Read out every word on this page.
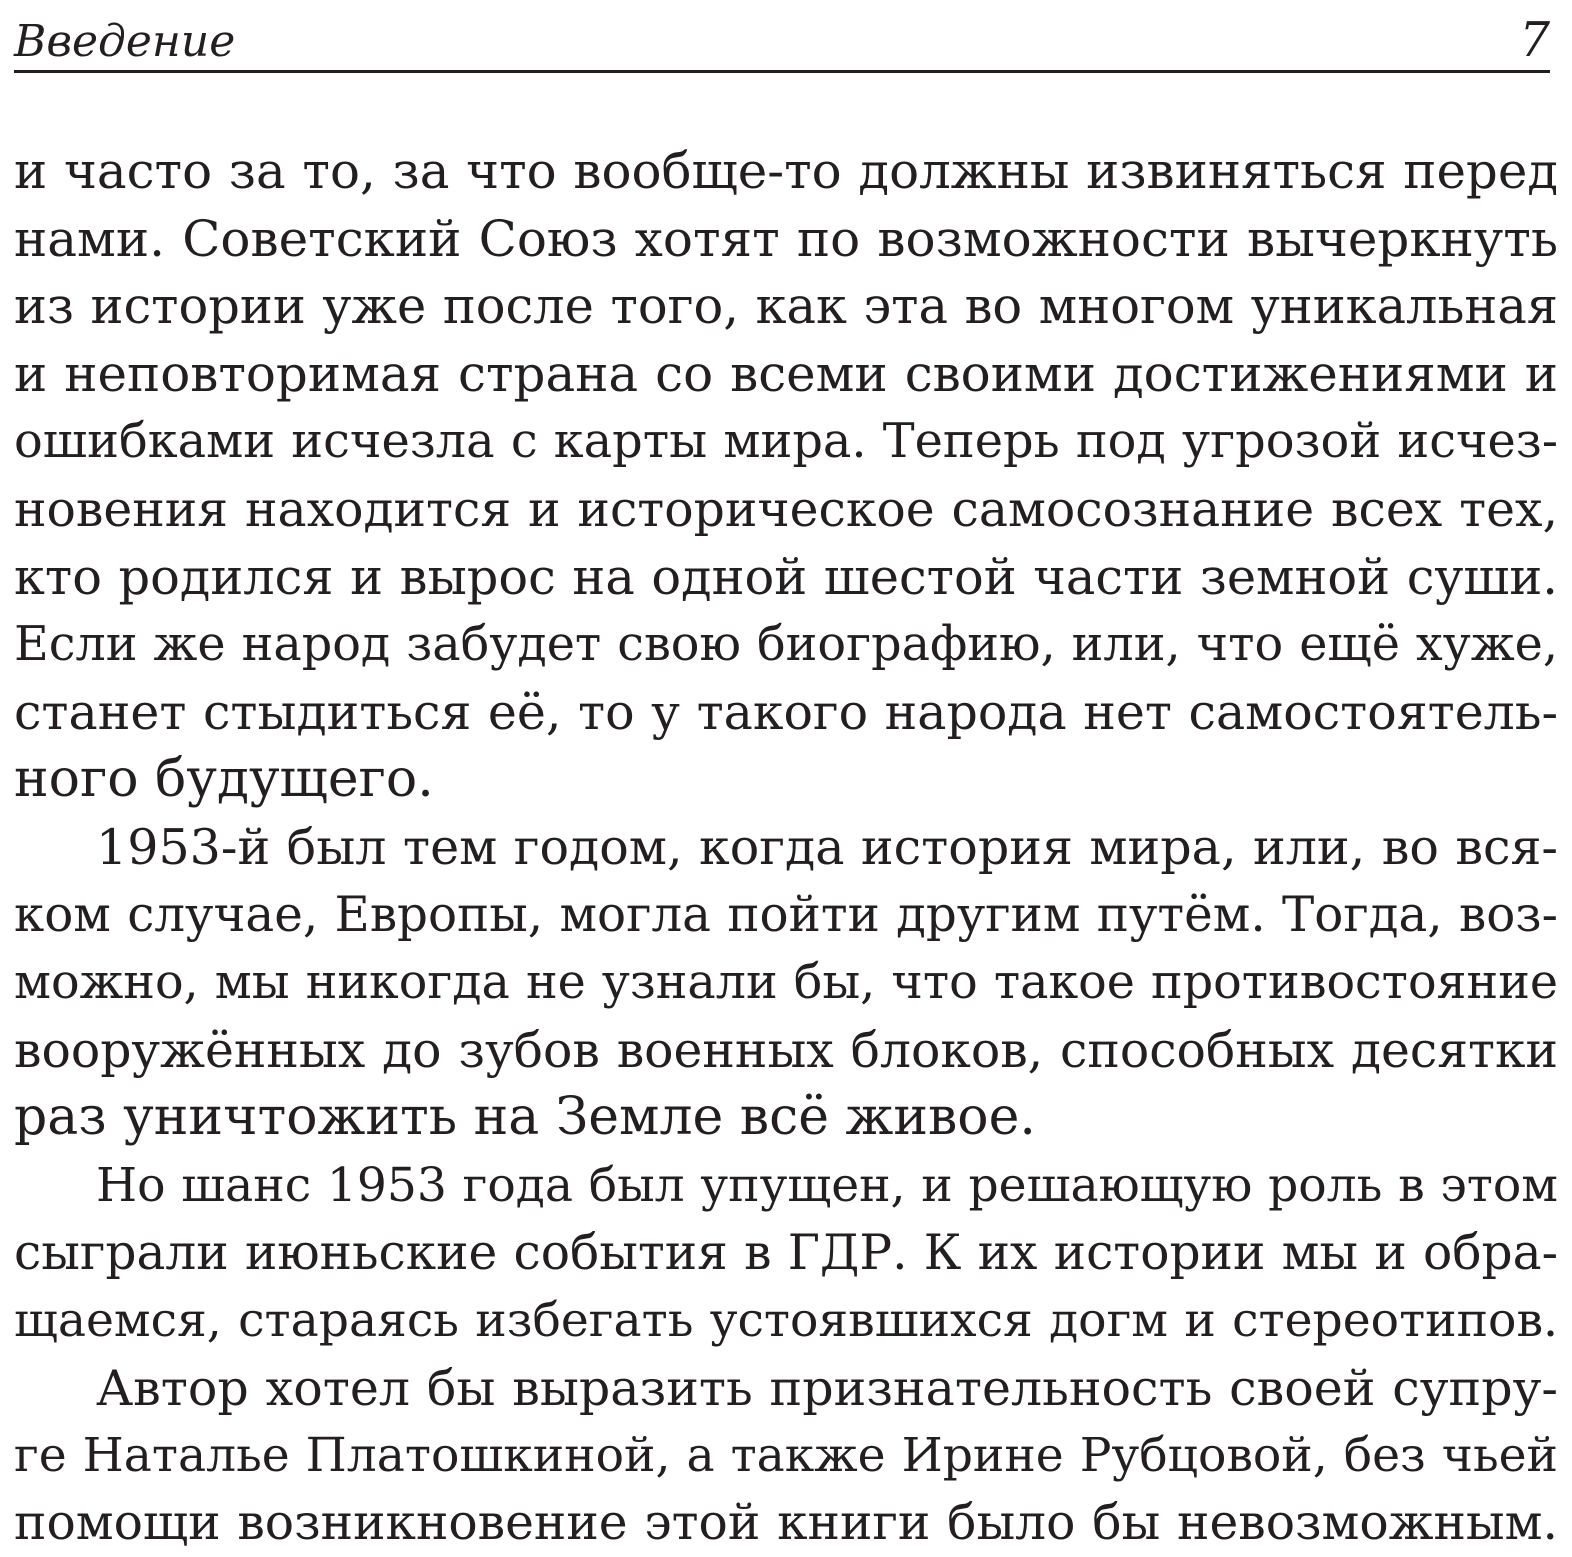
Введение	7
и часто за то, за что вообще-то должны извиняться перед
нами. Советский Союз хотят по возможности вычеркнуть
из истории уже после того, как эта во многом уникальная
и неповторимая страна со всеми своими достижениями и
ошибками исчезла с карты мира. Теперь под угрозой исчез-
новения находится и историческое самосознание всех тех,
кто родился и вырос на одной шестой части земной суши.
Если же народ забудет свою биографию, или, что ещё хуже,
станет стыдиться её, то у такого народа нет самостоятель-
ного будущего.
1953-й был тем годом, когда история мира, или, во вся-
ком случае, Европы, могла пойти другим путём. Тогда, воз-
можно, мы никогда не узнали бы, что такое противостояние
вооружённых до зубов военных блоков, способных десятки
раз уничтожить на Земле всё живое.
Но шанс 1953 года был упущен, и решающую роль в этом
сыграли июньские события в ГДР. К их истории мы и обра-
щаемся, стараясь избегать устоявшихся догм и стереотипов.
Автор хотел бы выразить признательность своей супру-
ге Наталье Платошкиной, а также Ирине Рубцовой, без чьей
помощи возникновение этой книги было бы невозможным.
